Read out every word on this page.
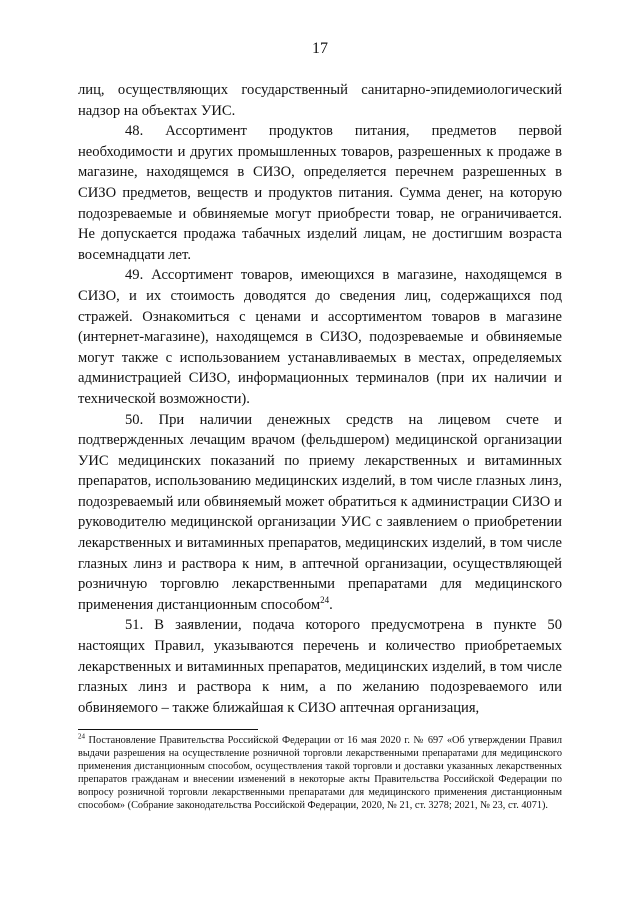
17

лиц, осуществляющих государственный санитарно-эпидемиологический надзор на объектах УИС.

48. Ассортимент продуктов питания, предметов первой необходимости и других промышленных товаров, разрешенных к продаже в магазине, находящемся в СИЗО, определяется перечнем разрешенных в СИЗО предметов, веществ и продуктов питания. Сумма денег, на которую подозреваемые и обвиняемые могут приобрести товар, не ограничивается. Не допускается продажа табачных изделий лицам, не достигшим возраста восемнадцати лет.

49. Ассортимент товаров, имеющихся в магазине, находящемся в СИЗО, и их стоимость доводятся до сведения лиц, содержащихся под стражей. Ознакомиться с ценами и ассортиментом товаров в магазине (интернет-магазине), находящемся в СИЗО, подозреваемые и обвиняемые могут также с использованием устанавливаемых в местах, определяемых администрацией СИЗО, информационных терминалов (при их наличии и технической возможности).

50. При наличии денежных средств на лицевом счете и подтвержденных лечащим врачом (фельдшером) медицинской организации УИС медицинских показаний по приему лекарственных и витаминных препаратов, использованию медицинских изделий, в том числе глазных линз, подозреваемый или обвиняемый может обратиться к администрации СИЗО и руководителю медицинской организации УИС с заявлением о приобретении лекарственных и витаминных препаратов, медицинских изделий, в том числе глазных линз и раствора к ним, в аптечной организации, осуществляющей розничную торговлю лекарственными препаратами для медицинского применения дистанционным способом$^{24}$.

51. В заявлении, подача которого предусмотрена в пункте 50 настоящих Правил, указываются перечень и количество приобретаемых лекарственных и витаминных препаратов, медицинских изделий, в том числе глазных линз и раствора к ним, а по желанию подозреваемого или обвиняемого – также ближайшая к СИЗО аптечная организация,

$^{24}$ Постановление Правительства Российской Федерации от 16 мая 2020 г. № 697 «Об утверждении Правил выдачи разрешения на осуществление розничной торговли лекарственными препаратами для медицинского применения дистанционным способом, осуществления такой торговли и доставки указанных лекарственных препаратов гражданам и внесении изменений в некоторые акты Правительства Российской Федерации по вопросу розничной торговли лекарственными препаратами для медицинского применения дистанционным способом» (Собрание законодательства Российской Федерации, 2020, № 21, ст. 3278; 2021, № 23, ст. 4071).
